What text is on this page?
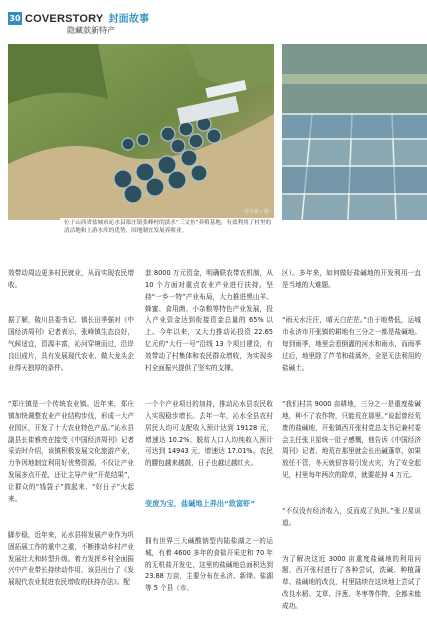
30 COVERSTORY 封面故事
隐藏款新特产
李宇新 / 摄
位于山西省盐城市沁水县郑庄镇张峰村的淡水“三文鱼”养殖基地，有效利用了村里的清洁地和上游水库的优势，因地制宜发展养殖业。

效带动周边更多村民就业，从而实现农民增收。

据了解，陵川县委书记、镇长田季强对《中国经济周刊》记者表示，张峰镇生态良好，气候适宜，资源丰富，沁河穿境而过，沿岸良田成片，具有发展现代农业、做大龙头企业得天独厚的条件。

“郑庄镇是一个传统农业镇。近年来，郑庄镇加快调整农业产业结构步伐，形成一大产业园区，开发了十大农业特色产品。”沁水县副县长崔雅亮在接受《中国经济周刊》记者采访时介绍，该镇积极发展文化旅游产业，力争因地制宜利用好优势资源，不仅让产业发展多点开花，还让主导产业“开花结果”，让群众的“钱袋子”鼓起来、“好日子”火起来。

脚步稳，近年来，沁水县将发展产业作为巩固拓展工作的重中之重，不断推动乡村产业发展壮大和转型升级。着力发挥乡村全面振兴中产业带长持续动作用，该县出台了《发展现代农业促进农民增收的扶持办法》。配

套 8000 万元资金，明确联农带农机制，从 10 个方面对重点农业产业进行扶持。坚持“一乡一特”产业布局，大力推进黑山羊、蜂蜜、食用菌、小杂粮等特色产业发展，投入产业资金达到衔接资金总量的 65% 以上。今年以来，又大力推动沁投资 22.65 亿元的“大行一号”沿线 13 个项目建设，有效带动了村集体和农民群众增收，为实现乡村全面振兴提供了坚实的支撑。

一个个产业项目的加持，推动沁水县农民收入实现稳步增长。去年一年，沁水全县农村居民人均可支配收入预计达到 19128 元，增速达 10.2%；脱贫人口人均纯收入预计可达到 14943 元，增速达 17.01%。农民的腰包越来越鼓，日子也越过越红火。

变废为宝，盐碱地上养出“致富虾”

拥有世界三大碱酸钠型内陆盐湖之一的运城，有着 4600 多年的食盐开采史和 70 年的无机盐开发史，这里的盐碱地总面积达到 23.88 万亩，主要分布在永济、新绛、盐湖等 5 个县（市、

区）。多年来，如何做好盐碱地的开发利用一直是当地的大难题。

“雨天水汪汪，晴天白茫茫。”由于地势低，运城市永济市开张镇的耕地有三分之一都是盐碱地。每到雨季，地里会看倒灌的河水和雨水，而雨季过后，地里除了芦苇和盐蒿外，全是无法利用的盐碱土。

“我们村共 9000 亩耕地，三分之一是重度盐碱地，种不了农作物，只能荒在那里。”说起曾经荒废的盐碱地，开张镇西开张村党总支书记兼村委会主任张卫星统一肚子感慨，他告诉《中国经济周刊》记者，地荒在那里就会长出碱蓬草，如果放任不管，冬天就很容易引发火灾，为了安全起见，村里每年两次的除草，就要花掉 4 万元。

“不仅没有经济收入，反而成了负担。”张卫星说道。

为了解决这近 3000 亩重度盐碱地的利用问题，西开张村进行了各种尝试，洗碱、种植蒲草、盐碱地的改良，村里陆续在这块地上尝试了改良水稻、艾草、洋葱、冬枣等作物，全都未能成功。
